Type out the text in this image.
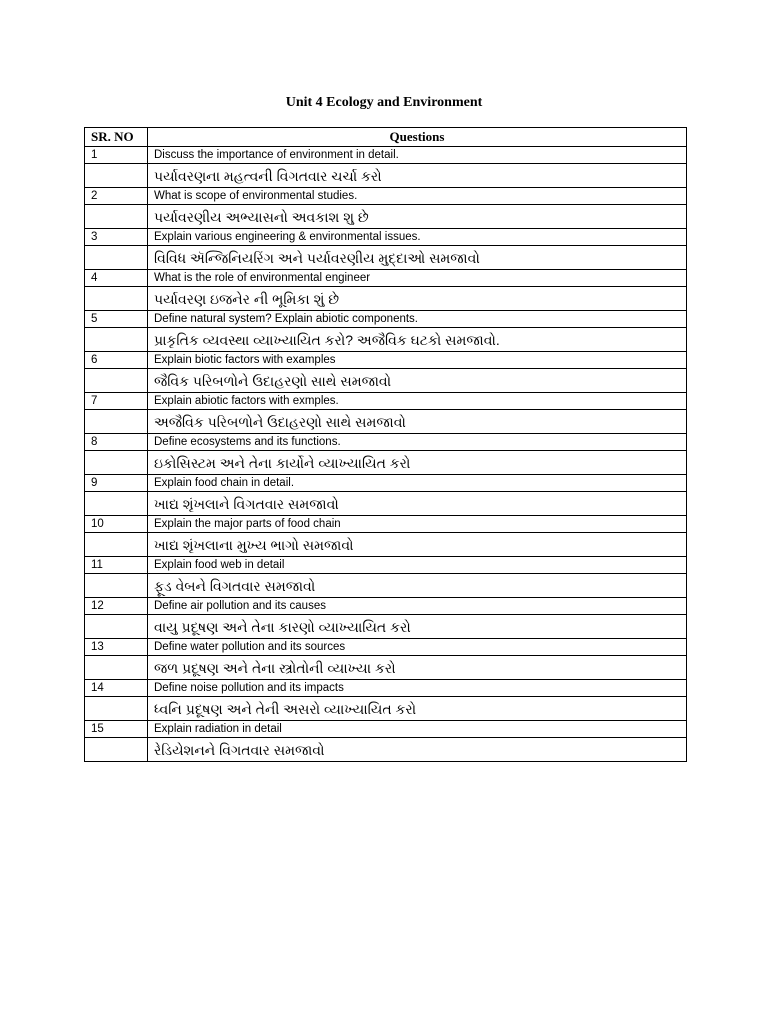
Unit 4 Ecology and Environment
SR. NO	Questions
1	Discuss the importance of environment in detail.
	પર્યાવરણના મહત્વની વિગતવાર ચર્ચા કરો
2	What is scope of environmental studies.
	પર્યાવરણીય અભ્યાસનો અવકાશ શુ છે
3	Explain various engineering & environmental issues.
	વિવિધ ઍન્જિનિયરિંગ અને પર્યાવરણીય મુદ્દાઓ સમજાવો
4	What is the role of environmental engineer
	પર્યાવરણ ઇજનેર ની ભૂમિકા શું છે
5	Define natural system? Explain abiotic components.
	પ્રાકૃતિક વ્યવસ્થા વ્યાખ્યાયિત કરો? અજૈવિક ઘટકો સમજાવો.
6	Explain biotic factors with examples
	જૈવિક પરિબળોને ઉદાહરણો સાથે સમજાવો
7	Explain abiotic factors with exmples.
	અજૈવિક પરિબળોને ઉદાહરણો સાથે સમજાવો
8	Define ecosystems and its functions.
	ઇકોસિસ્ટમ અને તેના કાર્યોને વ્યાખ્યાયિત કરો
9	Explain food chain in detail.
	ખાદ્ય શૃંખલાને વિગતવાર સમજાવો
10	Explain the major parts of food chain
	ખાદ્ય શૃંખલાના મુખ્ય ભાગો સમજાવો
11	Explain food web in detail
	ફૂડ વેબને વિગતવાર સમજાવો
12	Define air pollution and its causes
	વાયુ પ્રદૂષણ અને તેના કારણો વ્યાખ્યાયિત કરો
13	Define water pollution and its sources
	જળ પ્રદૂષણ અને તેના સ્ત્રોતોની વ્યાખ્યા કરો
14	Define noise pollution and its impacts
	ધ્વનિ પ્રદૂષણ અને તેની અસરો વ્યાખ્યાયિત કરો
15	Explain radiation in detail
	રેડિયેશનને વિગતવાર સમજાવો
